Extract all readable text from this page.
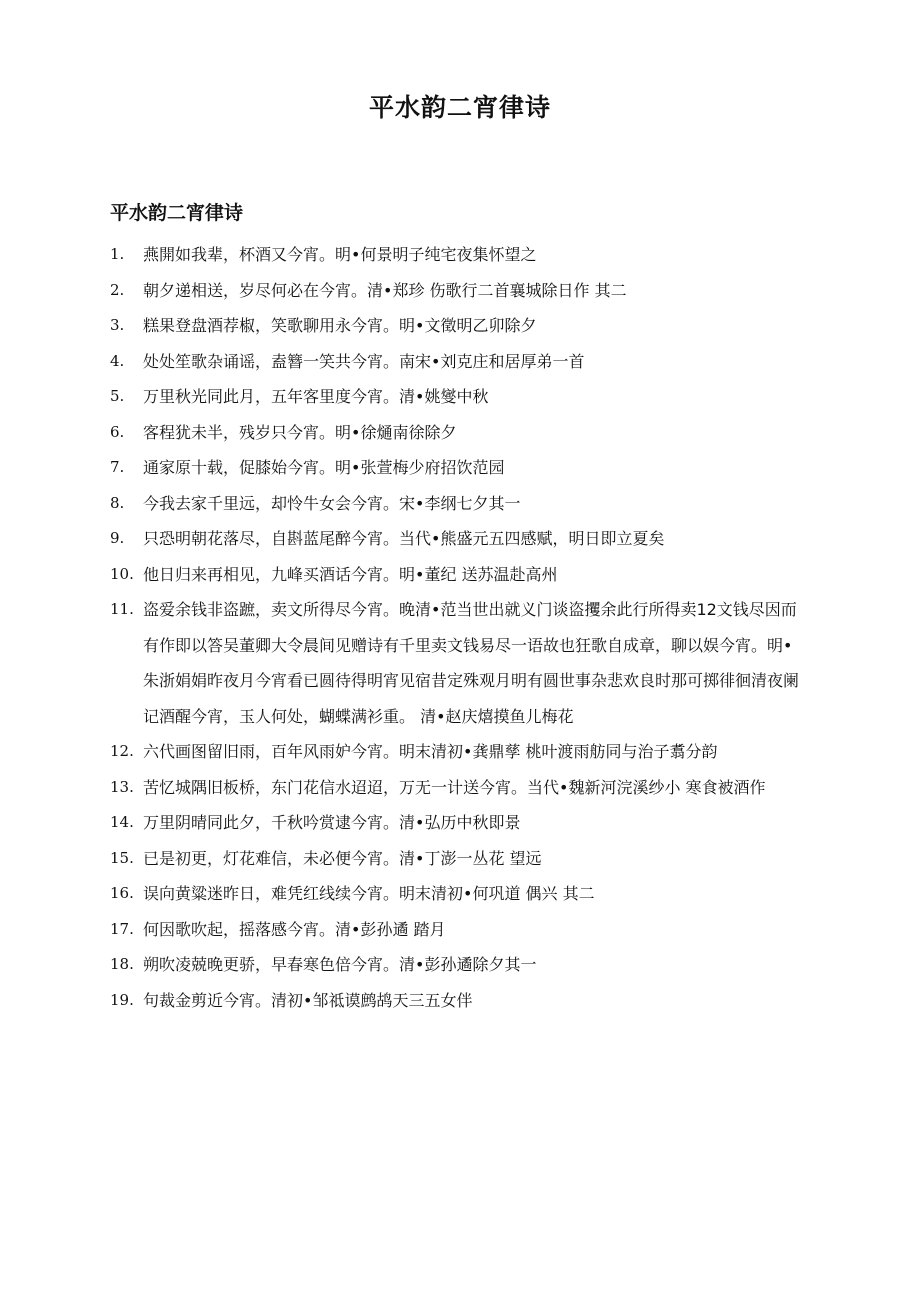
平水韵二宵律诗
平水韵二宵律诗
1.	燕開如我辈，杯酒又今宵。明•何景明子纯宅夜集怀望之
2.	朝夕递相送，岁尽何必在今宵。清•郑珍 伤歌行二首襄城除日作 其二
3.	糕果登盘酒荐椒，笑歌聊用永今宵。明•文徵明乙卯除夕
4.	处处笙歌杂诵谣，盍簪一笑共今宵。南宋•刘克庄和居厚弟一首
5.	万里秋光同此月，五年客里度今宵。清•姚燮中秋
6.	客程犹未半，残岁只今宵。明•徐熥南徐除夕
7.	通家原十载，促膝始今宵。明•张萱梅少府招饮范园
8.	今我去家千里远，却怜牛女会今宵。宋•李纲七夕其一
9.	只恐明朝花落尽，自斟蓝尾醉今宵。当代•熊盛元五四感赋，明日即立夏矣
10. 他日归来再相见，九峰买酒话今宵。明•董纪 送苏温赴高州
11. 盗爱余钱非盗蹠，卖文所得尽今宵。晚清•范当世出就义门谈盗攫余此行所得卖12文钱尽因而有作即以答吴董卿大令晨间见赠诗有千里卖文钱易尽一语故也狂歌自成章，聊以娱今宵。明•朱浙娟娟昨夜月今宵看已圆待得明宵见宿昔定殊观月明有圆世事杂悲欢良时那可掷徘徊清夜阑记酒醒今宵，玉人何处，蝴蝶满衫重。 清•赵庆熺摸鱼儿梅花
12. 六代画图留旧雨，百年风雨妒今宵。明末清初•龚鼎孳 桃叶渡雨舫同与治子翥分韵
13. 苦忆城隅旧板桥，东门花信水迢迢，万无一计送今宵。当代•魏新河浣溪纱小 寒食被酒作
14. 万里阴晴同此夕，千秋吟赏逮今宵。清•弘历中秋即景
15. 已是初更，灯花难信，未必便今宵。清•丁澎一丛花 望远
16. 误向黄粱迷昨日，难凭红线续今宵。明末清初•何巩道 偶兴 其二
17. 何因歌吹起，摇落感今宵。清•彭孙遹 踏月
18. 朔吹凌兢晚更骄，早春寒色倍今宵。清•彭孙遹除夕其一
19. 句裁金剪近今宵。清初•邹祗谟鹧鸪天三五女伴
